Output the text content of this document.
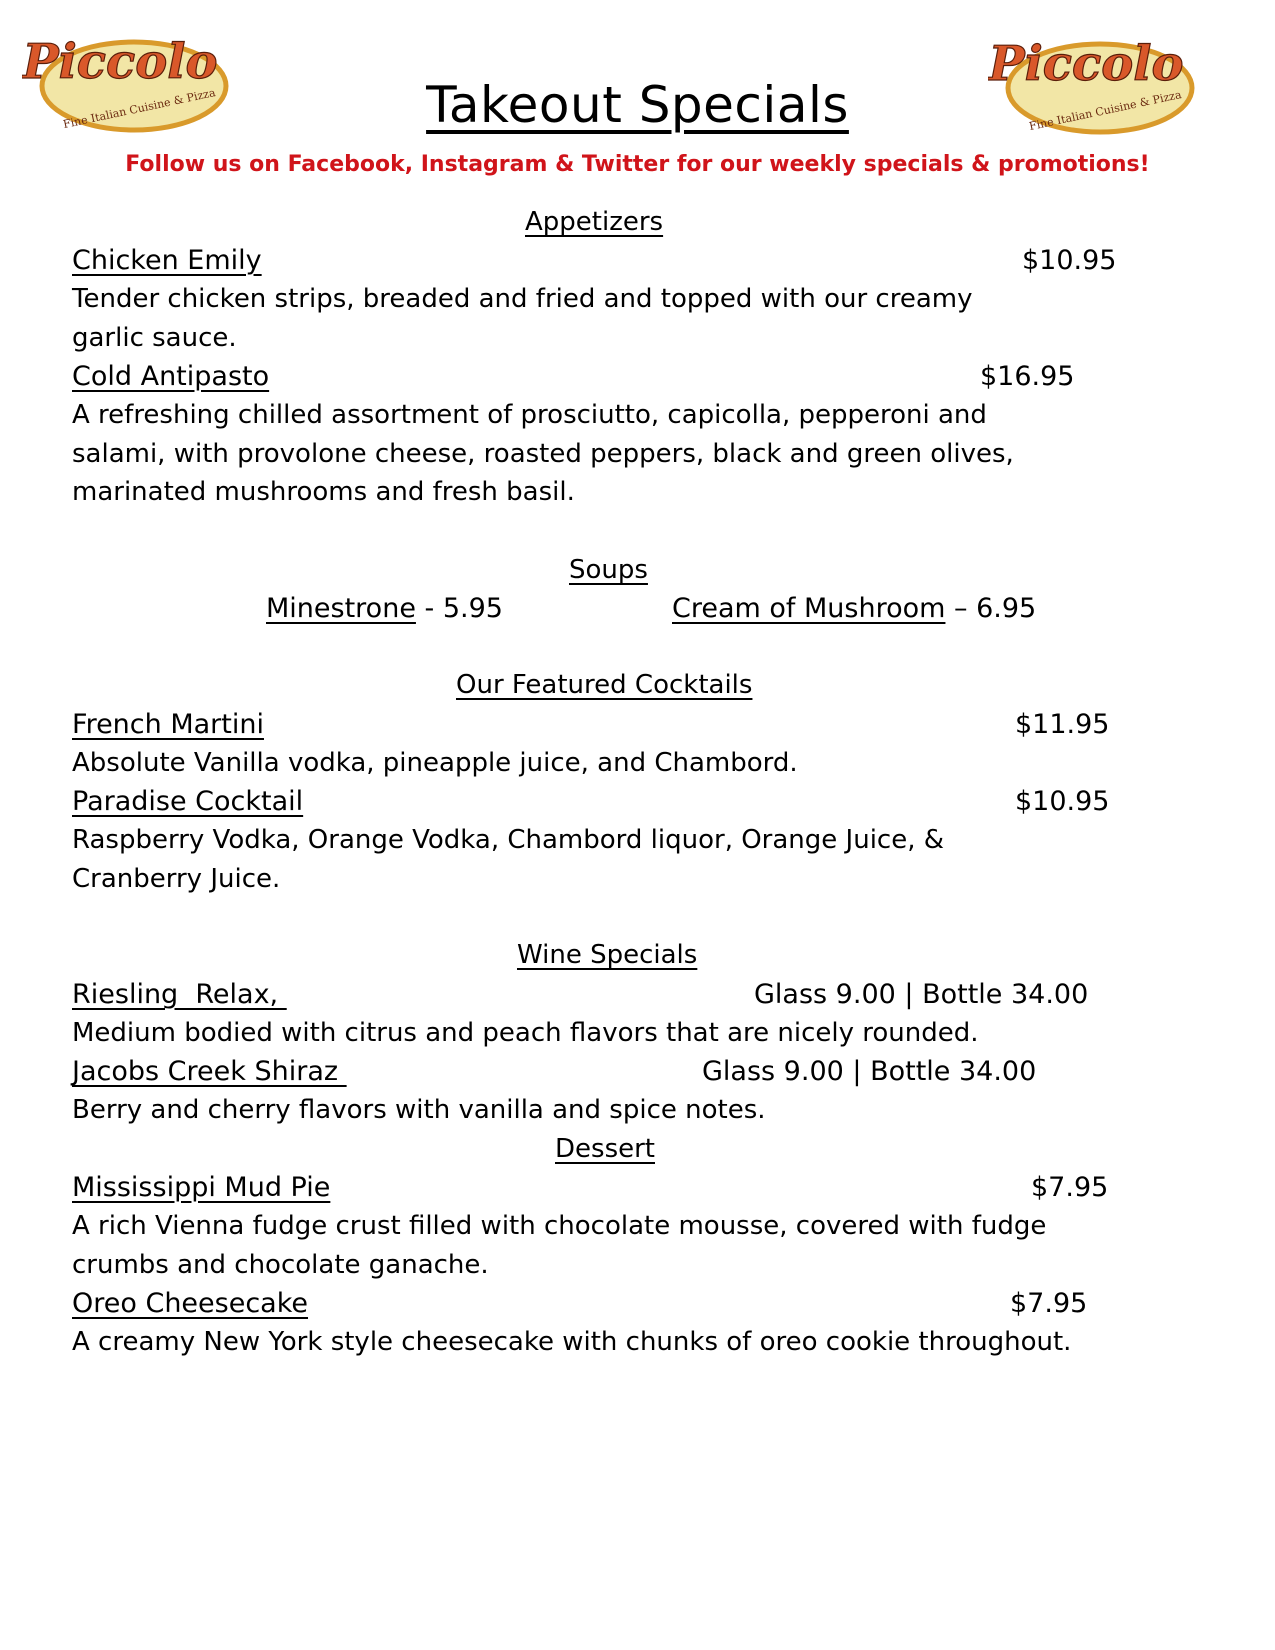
Piccolo
Fine Italian Cuisine & Pizza
Piccolo
Fine Italian Cuisine & Pizza
Takeout Specials
Follow us on Facebook, Instagram & Twitter for our weekly specials & promotions!
Appetizers
Chicken Emily	$10.95
Tender chicken strips, breaded and fried and topped with our creamy
garlic sauce.
Cold Antipasto	$16.95
A refreshing chilled assortment of prosciutto, capicolla, pepperoni and
salami, with provolone cheese, roasted peppers, black and green olives,
marinated mushrooms and fresh basil.
Soups
Minestrone - 5.95	Cream of Mushroom – 6.95
Our Featured Cocktails
French Martini	$11.95
Absolute Vanilla vodka, pineapple juice, and Chambord.
Paradise Cocktail	$10.95
Raspberry Vodka, Orange Vodka, Chambord liquor, Orange Juice, &
Cranberry Juice.
Wine Specials
Riesling  Relax,	Glass 9.00 | Bottle 34.00
Medium bodied with citrus and peach flavors that are nicely rounded.
Jacobs Creek Shiraz	Glass 9.00 | Bottle 34.00
Berry and cherry flavors with vanilla and spice notes.
Dessert
Mississippi Mud Pie	$7.95
A rich Vienna fudge crust filled with chocolate mousse, covered with fudge
crumbs and chocolate ganache.
Oreo Cheesecake	$7.95
A creamy New York style cheesecake with chunks of oreo cookie throughout.
